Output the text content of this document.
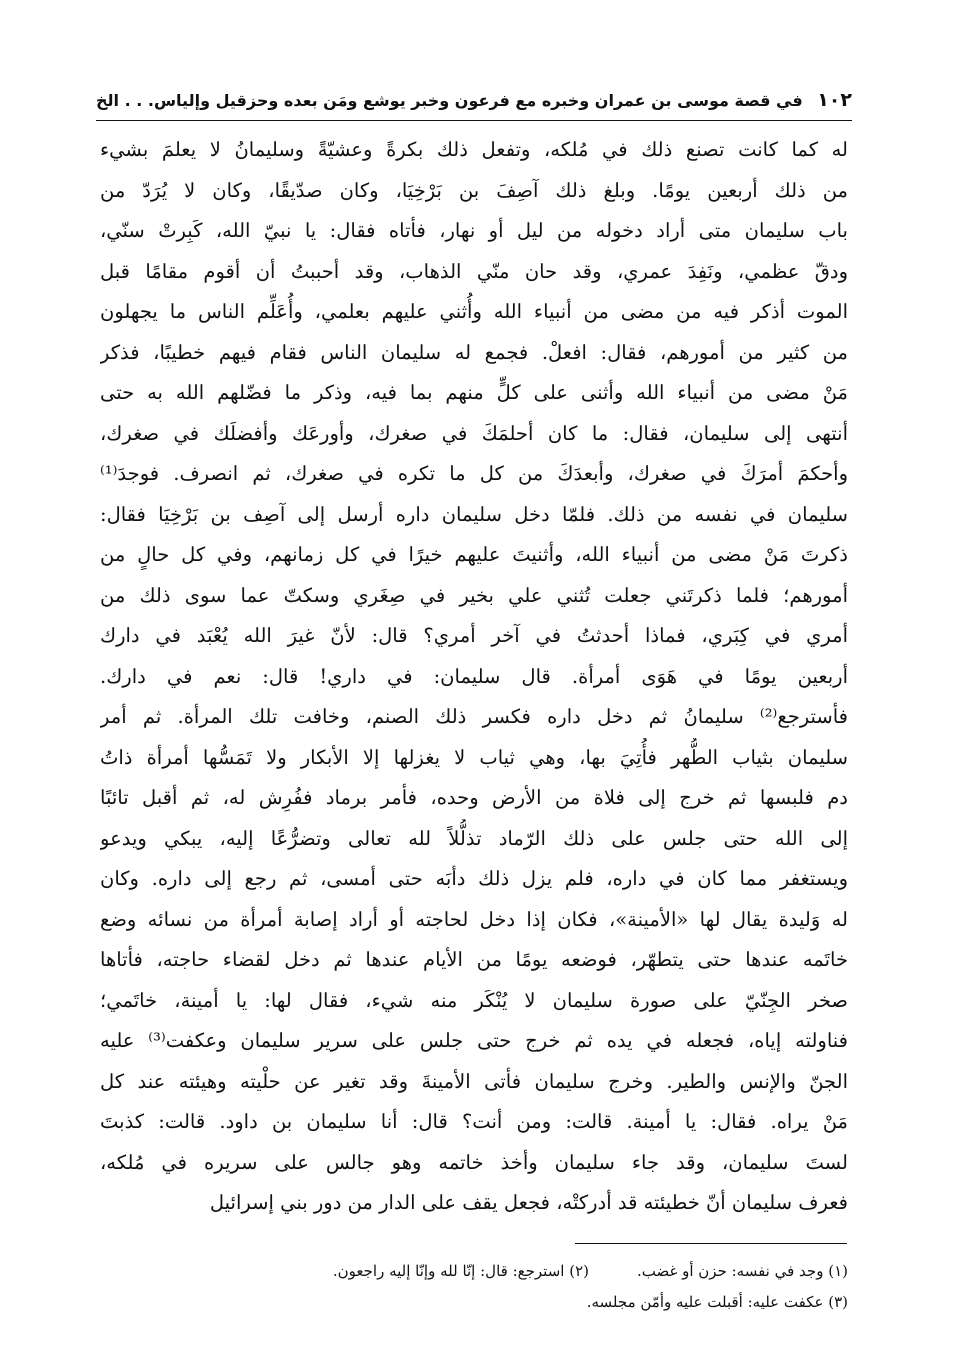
١٠٢
في قصة موسى بن عمران وخبره مع فرعون وخبر يوشع ومَن بعده وحزقيل وإلياس. . . الخ
له كما كانت تصنع ذلك في مُلكه، وتفعل ذلك بكرةً وعشيّةً وسليمانُ لا يعلمَ بشيء
من ذلك أربعين يومًا. وبلغ ذلك آصِفَ بن بَرْخِيَا، وكان صدّيقًا، وكان لا يُرَدّ من
باب سليمان متى أراد دخوله من ليل أو نهار، فأتاه فقال: يا نبيّ الله، كَبِرتْ سنّي،
ودقّ عظمي، ونَفِدَ عمري، وقد حان منّي الذهاب، وقد أحببتُ أن أقوم مقامًا قبل
الموت أذكر فيه من مضى من أنبياء الله وأُثني عليهم بعلمي، وأُعَلِّم الناس ما يجهلون
من كثير من أمورهم، فقال: افعلْ. فجمع له سليمان الناس فقام فيهم خطيبًا، فذكر
مَنْ مضى من أنبياء الله وأثنى على كلٍّ منهم بما فيه، وذكر ما فضّلهم الله به حتى
أنتهى إلى سليمان، فقال: ما كان أحلمَكَ في صغرك، وأورعَك وأفضلَك في صغرك،
وأحكمَ أمرَكَ في صغرك، وأبعدَكَ من كل ما تكره في صغرك، ثم انصرف. فوجدَ⁽¹⁾
سليمان في نفسه من ذلك. فلمّا دخل سليمان داره أرسل إلى آصِف بن بَرْخِيَا فقال:
ذكرتَ مَنْ مضى من أنبياء الله، وأثنيتَ عليهم خيرًا في كل زمانهم، وفي كل حالٍ من
أمورهم؛ فلما ذكرتَني جعلت تُثني علي بخير في صِغَري وسكتّ عما سوى ذلك من
أمري في كِبَري، فماذا أحدثتُ في آخر أمري؟ قال: لأنّ غيرَ الله يُعْبَد في دارك
أربعين يومًا في هَوَى أمرأة. قال سليمان: في داري! قال: نعم في دارك.
فأسترجع⁽²⁾ سليمانُ ثم دخل داره فكسر ذلك الصنم، وخافت تلك المرأة. ثم أمر
سليمان بثياب الطُّهر فأُتِيَ بها، وهي ثياب لا يغزلها إلا الأبكار ولا تَمَسُّها أمرأة ذاتُ
دم فلبسها ثم خرج إلى فلاة من الأرض وحده، فأمر برماد ففُرِش له، ثم أقبل تائبًا
إلى الله حتى جلس على ذلك الرّماد تذلُّلاً لله تعالى وتضرُّعًا إليه، يبكي ويدعو
ويستغفر مما كان في داره، فلم يزل ذلك دأبَه حتى أمسى، ثم رجع إلى داره. وكان
له وَليدة يقال لها «الأمينة»، فكان إذا دخل لحاجته أو أراد إصابة أمرأة من نسائه وضع
خاتَمه عندها حتى يتطهّر، فوضعه يومًا من الأيام عندها ثم دخل لقضاء حاجته، فأتاها
صخر الجِنّيّ على صورة سليمان لا يُنْكَر منه شيء، فقال لها: يا أمينة، خاتَمي؛
فناولته إياه، فجعله في يده ثم خرج حتى جلس على سرير سليمان وعكفت⁽³⁾ عليه
الجنّ والإنس والطير. وخرج سليمان فأتى الأمينةَ وقد تغير عن حلْيته وهيئته عند كل
مَنْ يراه. فقال: يا أمينة. قالت: ومن أنت؟ قال: أنا سليمان بن داود. قالت: كذبتَ
لستَ سليمان، وقد جاء سليمان وأخذ خاتمه وهو جالس على سريره في مُلكه،
فعرف سليمان أنّ خطيئته قد أدركتْه، فجعل يقف على الدار من دور بني إسرائيل
(١) وجد في نفسه: حزن أو غضب.
(٢) استرجع: قال: إنّا لله وإنّا إليه راجعون.
(٣) عكفت عليه: أقبلت عليه وأمّن مجلسه.
